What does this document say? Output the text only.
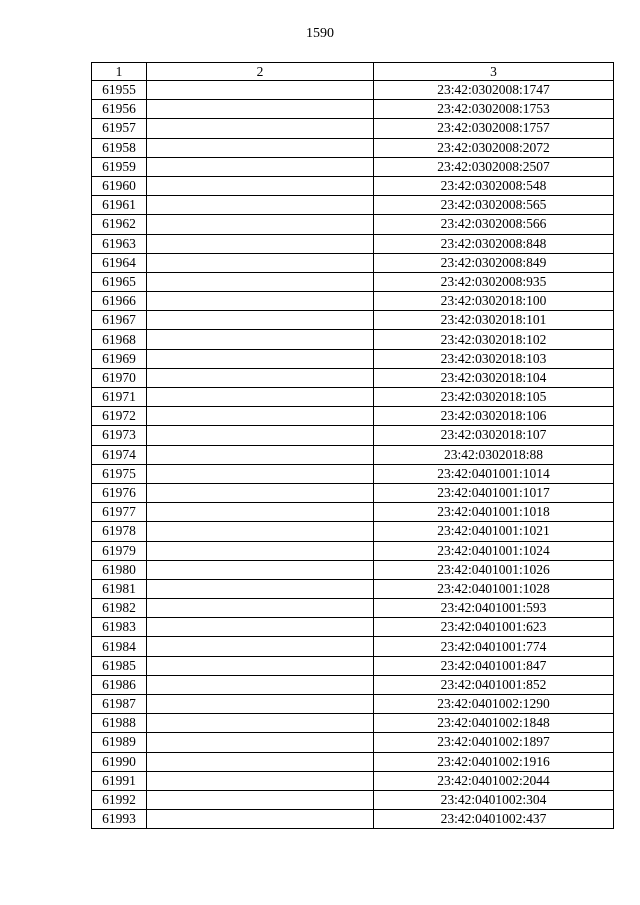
1590
1	2	3
61955		23:42:0302008:1747
61956		23:42:0302008:1753
61957		23:42:0302008:1757
61958		23:42:0302008:2072
61959		23:42:0302008:2507
61960		23:42:0302008:548
61961		23:42:0302008:565
61962		23:42:0302008:566
61963		23:42:0302008:848
61964		23:42:0302008:849
61965		23:42:0302008:935
61966		23:42:0302018:100
61967		23:42:0302018:101
61968		23:42:0302018:102
61969		23:42:0302018:103
61970		23:42:0302018:104
61971		23:42:0302018:105
61972		23:42:0302018:106
61973		23:42:0302018:107
61974		23:42:0302018:88
61975		23:42:0401001:1014
61976		23:42:0401001:1017
61977		23:42:0401001:1018
61978		23:42:0401001:1021
61979		23:42:0401001:1024
61980		23:42:0401001:1026
61981		23:42:0401001:1028
61982		23:42:0401001:593
61983		23:42:0401001:623
61984		23:42:0401001:774
61985		23:42:0401001:847
61986		23:42:0401001:852
61987		23:42:0401002:1290
61988		23:42:0401002:1848
61989		23:42:0401002:1897
61990		23:42:0401002:1916
61991		23:42:0401002:2044
61992		23:42:0401002:304
61993		23:42:0401002:437
